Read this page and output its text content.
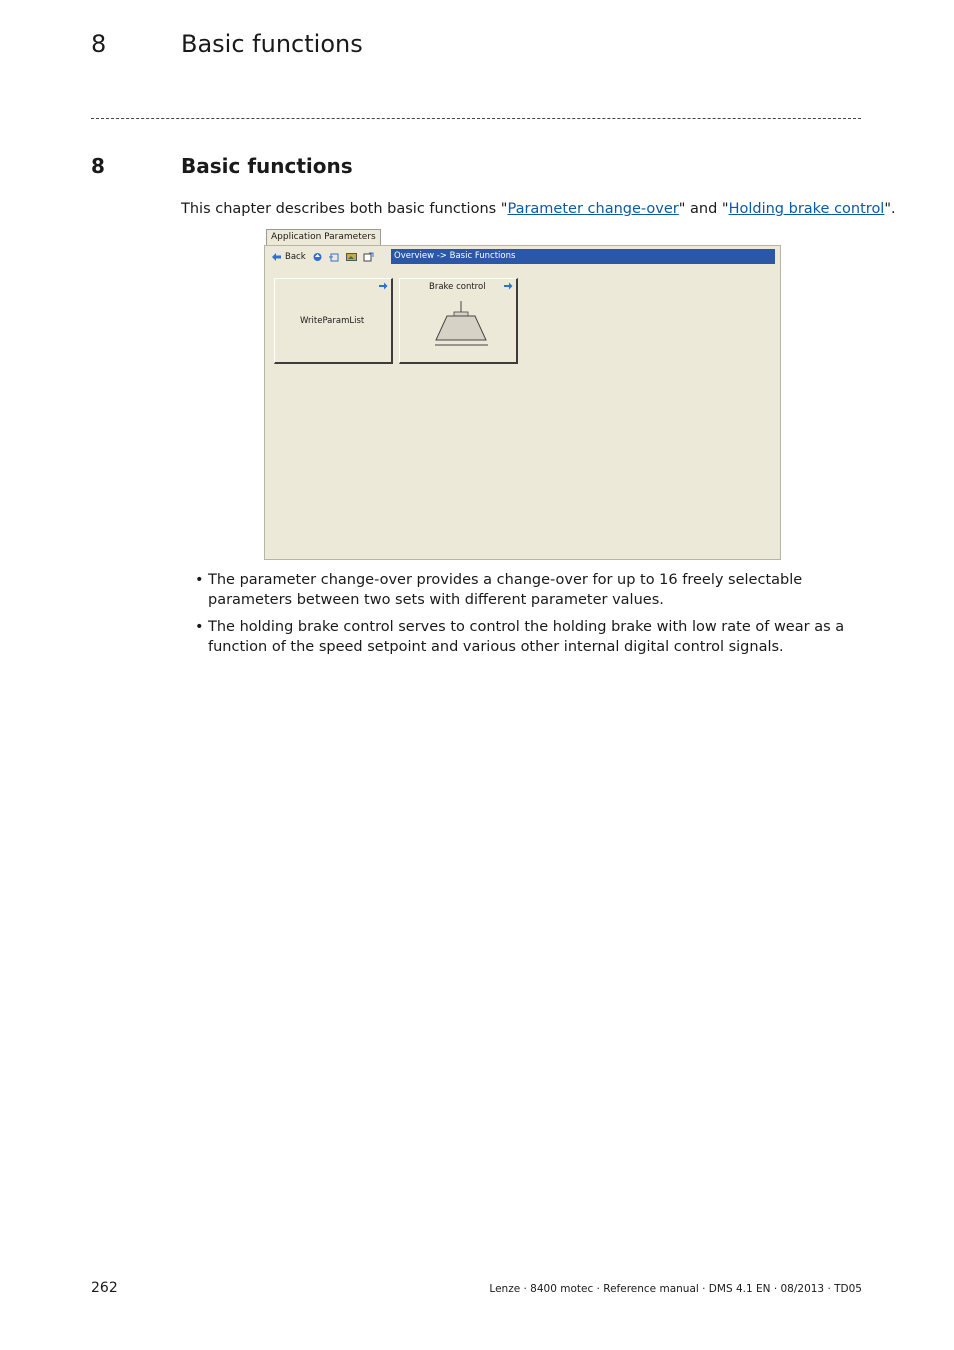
8	Basic functions
8	Basic functions
This chapter describes both basic functions "Parameter change-over" and "Holding brake control".
Application Parameters
Back	Overview -> Basic Functions
WriteParamList
Brake control
• The parameter change-over provides a change-over for up to 16 freely selectable parameters between two sets with different parameter values.
• The holding brake control serves to control the holding brake with low rate of wear as a function of the speed setpoint and various other internal digital control signals.
262	Lenze · 8400 motec · Reference manual · DMS 4.1 EN · 08/2013 · TD05
